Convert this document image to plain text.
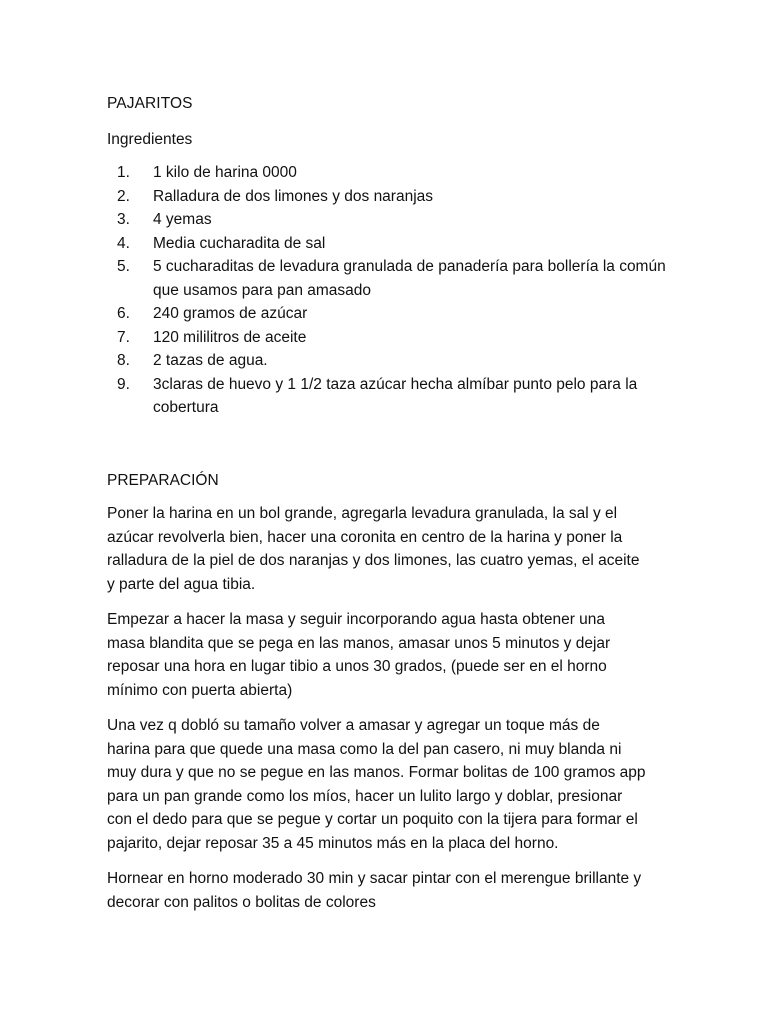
PAJARITOS
Ingredientes
1.	1 kilo de harina 0000
2.	Ralladura de dos limones y dos naranjas
3.	4 yemas
4.	Media cucharadita de sal
5.	5 cucharaditas de levadura granulada de panadería para bollería la común que usamos para pan amasado
6.	240 gramos de azúcar
7.	120 mililitros de aceite
8.	2 tazas de agua.
9.	3claras de huevo y 1 1/2 taza azúcar hecha almíbar punto pelo para la cobertura
PREPARACIÓN

Poner la harina en un bol grande, agregarla levadura granulada, la sal y el azúcar revolverla bien, hacer una coronita en centro de la harina y poner la ralladura de la piel de dos naranjas y dos limones, las cuatro yemas, el aceite y parte del agua tibia.

Empezar a hacer la masa y seguir incorporando agua hasta obtener una masa blandita que se pega en las manos, amasar unos 5 minutos y dejar reposar una hora en lugar tibio a unos 30 grados, (puede ser en el horno mínimo con puerta abierta)

Una vez q dobló su tamaño volver a amasar y agregar un toque más de harina para que quede una masa como la del pan casero, ni muy blanda ni muy dura y que no se pegue en las manos. Formar bolitas de 100 gramos app para un pan grande como los míos, hacer un lulito largo y doblar, presionar con el dedo para que se pegue y cortar un poquito con la tijera para formar el pajarito, dejar reposar 35 a 45 minutos más en la placa del horno.

Hornear en horno moderado 30 min y sacar pintar con el merengue brillante y decorar con palitos o bolitas de colores
